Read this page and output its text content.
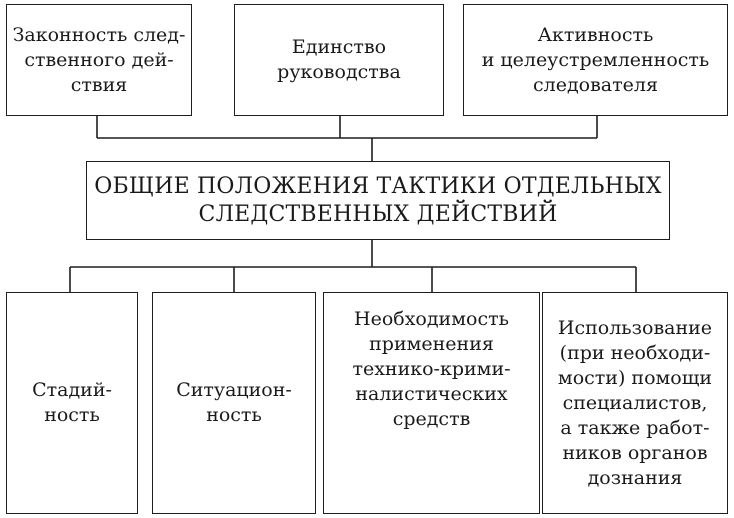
Законность след-
ственного дей-
ствия
Единство
руководства
Активность
и целеустремленность
следователя
ОБЩИЕ ПОЛОЖЕНИЯ ТАКТИКИ ОТДЕЛЬНЫХ
СЛЕДСТВЕННЫХ ДЕЙСТВИЙ
Стадий-
ность
Ситуацион-
ность
Необходимость
применения
технико-крими-
налистических
средств
Использование
(при необходи-
мости) помощи
специалистов,
а также работ-
ников органов
дознания
